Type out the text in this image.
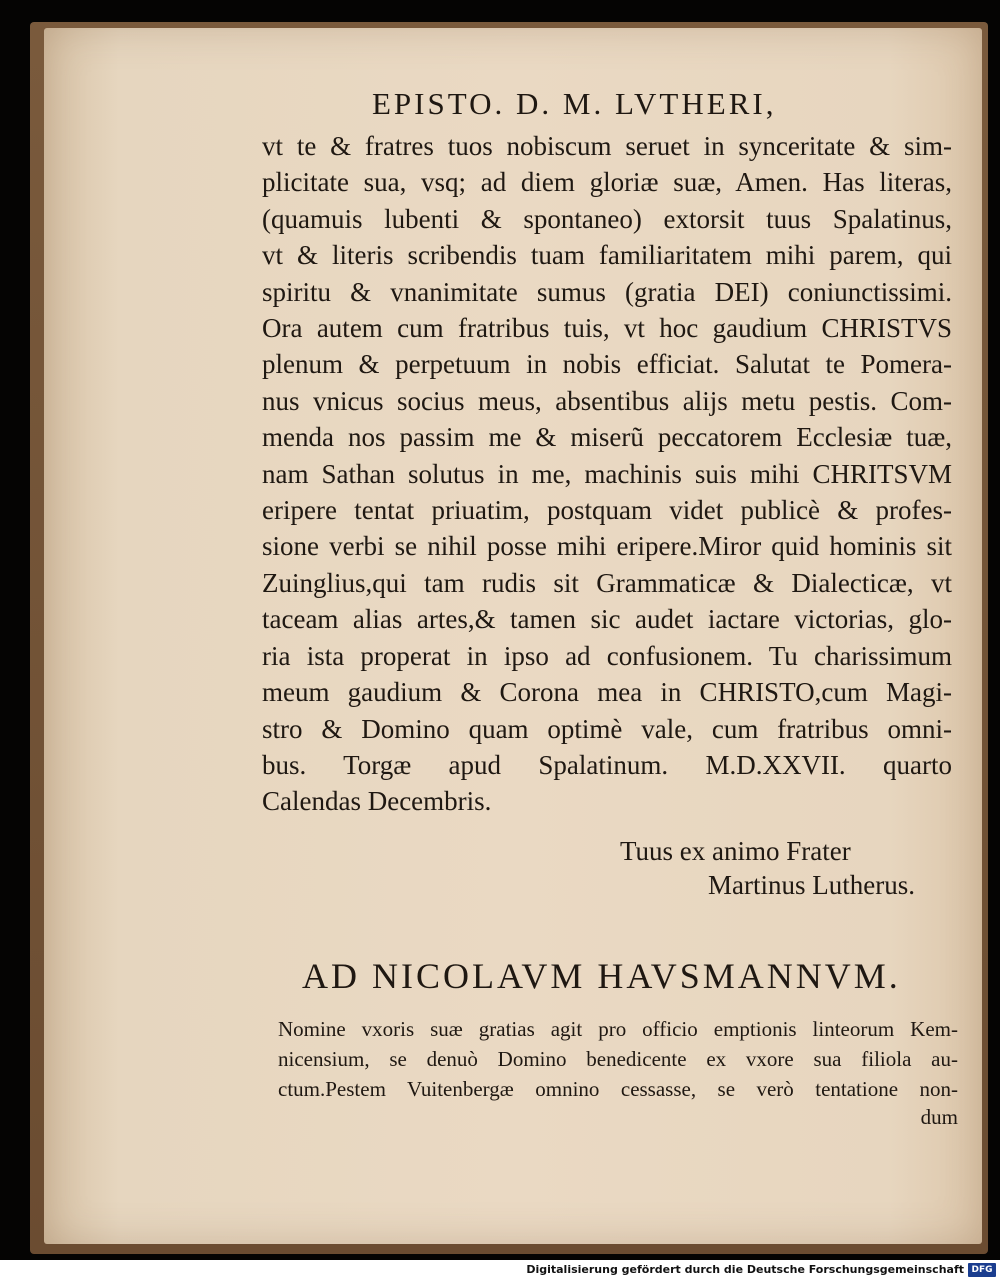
EPISTO. D. M. LVTHERI,
vt te & fratres tuos nobiscum seruet in synceritate & sim-
plicitate sua, vsq; ad diem gloriæ suæ, Amen. Has literas,
(quamuis lubenti & spontaneo) extorsit tuus Spalatinus,
vt & literis scribendis tuam familiaritatem mihi parem, qui
spiritu & vnanimitate sumus (gratia DEI) coniunctissimi.
Ora autem cum fratribus tuis, vt hoc gaudium CHRISTVS
plenum & perpetuum in nobis efficiat. Salutat te Pomera-
nus vnicus socius meus, absentibus alijs metu pestis. Com-
menda nos passim me & miserũ peccatorem Ecclesiæ tuæ,
nam Sathan solutus in me, machinis suis mihi CHRITSVM
eripere tentat priuatim, postquam videt publicè & profes-
sione verbi se nihil posse mihi eripere.Miror quid hominis sit
Zuinglius,qui tam rudis sit Grammaticæ & Dialecticæ, vt
taceam alias artes,& tamen sic audet iactare victorias, glo-
ria ista properat in ipso ad confusionem. Tu charissimum
meum gaudium & Corona mea in CHRISTO,cum Magi-
stro & Domino quam optimè vale, cum fratribus omni-
bus. Torgæ apud Spalatinum. M.D.XXVII. quarto
Calendas Decembris.
Tuus ex animo Frater
Martinus Lutherus.
AD NICOLAVM HAVSMANNVM.
Nomine vxoris suæ gratias agit pro officio emptionis linteorum Kem-
nicensium, se denuò Domino benedicente ex vxore sua filiola au-
ctum.Pestem Vuitenbergæ omnino cessasse, se verò tentatione non-
dum
Digitalisierung gefördert durch die Deutsche Forschungsgemeinschaft DFG
